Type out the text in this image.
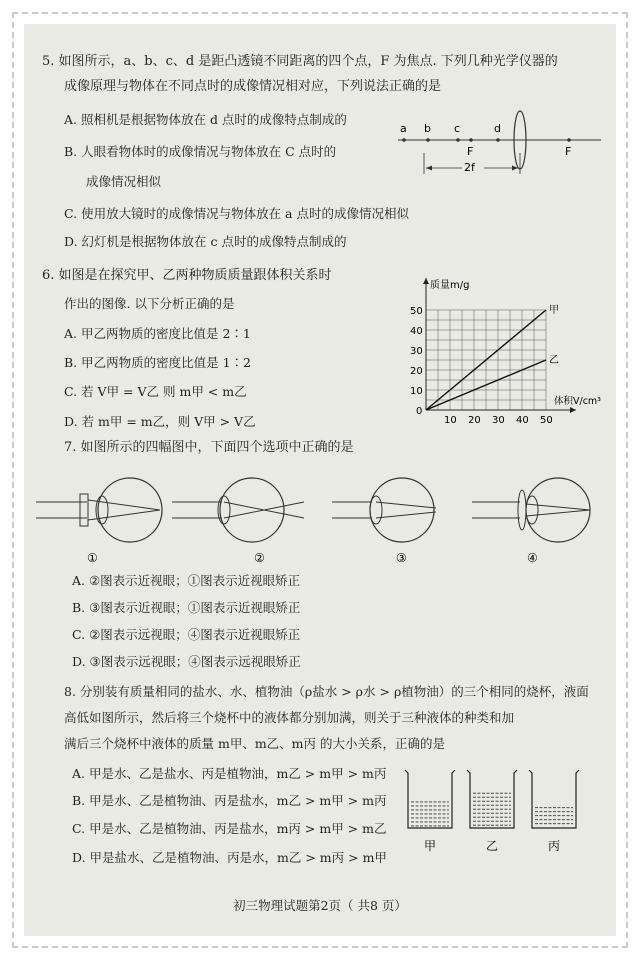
5. 如图所示，a、b、c、d 是距凸透镜不同距离的四个点，F 为焦点. 下列几种光学仪器的
成像原理与物体在不同点时的成像情况相对应，下列说法正确的是
A. 照相机是根据物体放在 d 点时的成像特点制成的
B. 人眼看物体时的成像情况与物体放在 C 点时的
成像情况相似
C. 使用放大镜时的成像情况与物体放在 a 点时的成像情况相似
D. 幻灯机是根据物体放在 c 点时的成像特点制成的
a b c	d
F	F
2f
6. 如图是在探究甲、乙两种物质质量跟体积关系时
作出的图像. 以下分析正确的是
A. 甲乙两物质的密度比值是 2∶1
B. 甲乙两物质的密度比值是 1∶2
C. 若 V甲 = V乙 则 m甲 < m乙
D. 若 m甲 = m乙，则 V甲 > V乙	10 20 30 40 50
10
20
30
40
50
0
质量m/g
体积V/cm³
甲
乙
7. 如图所示的四幅图中，下面四个选项中正确的是
①	②	③	④
A. ②图表示近视眼；①图表示近视眼矫正
B. ③图表示近视眼；①图表示近视眼矫正
C. ②图表示远视眼；④图表示近视眼矫正
D. ③图表示远视眼；④图表示远视眼矫正
8. 分别装有质量相同的盐水、水、植物油（ρ盐水 > ρ水 > ρ植物油）的三个相同的烧杯，液面
高低如图所示，然后将三个烧杯中的液体都分别加满，则关于三种液体的种类和加
满后三个烧杯中液体的质量 m甲、m乙、m丙 的大小关系，正确的是
A. 甲是水、乙是盐水、丙是植物油，m乙 > m甲 > m丙
B. 甲是水、乙是植物油、丙是盐水，m乙 > m甲 > m丙
C. 甲是水、乙是植物油、丙是盐水，m丙 > m甲 > m乙
D. 甲是盐水、乙是植物油、丙是水，m乙 > m丙 > m甲
甲	乙	丙
初三物理试题第2页（ 共8 页）
